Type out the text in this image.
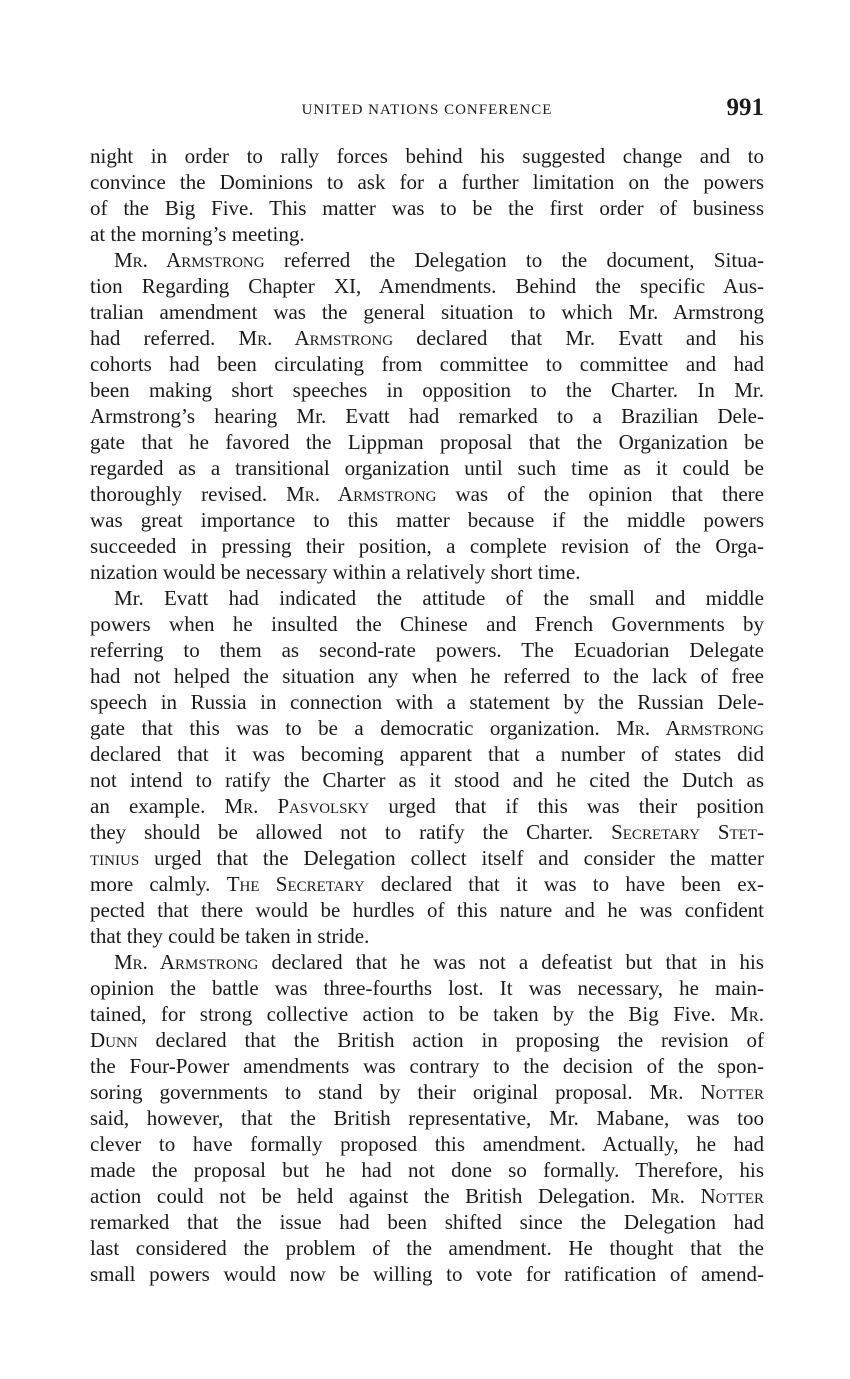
UNITED NATIONS CONFERENCE	991
night in order to rally forces behind his suggested change and to
convince the Dominions to ask for a further limitation on the powers
of the Big Five. This matter was to be the first order of business
at the morning’s meeting.
Mr. Armstrong referred the Delegation to the document, Situa-
tion Regarding Chapter XI, Amendments. Behind the specific Aus-
tralian amendment was the general situation to which Mr. Armstrong
had referred. Mr. Armstrong declared that Mr. Evatt and his
cohorts had been circulating from committee to committee and had
been making short speeches in opposition to the Charter. In Mr.
Armstrong’s hearing Mr. Evatt had remarked to a Brazilian Dele-
gate that he favored the Lippman proposal that the Organization be
regarded as a transitional organization until such time as it could be
thoroughly revised. Mr. Armstrong was of the opinion that there
was great importance to this matter because if the middle powers
succeeded in pressing their position, a complete revision of the Orga-
nization would be necessary within a relatively short time.
Mr. Evatt had indicated the attitude of the small and middle
powers when he insulted the Chinese and French Governments by
referring to them as second-rate powers. The Ecuadorian Delegate
had not helped the situation any when he referred to the lack of free
speech in Russia in connection with a statement by the Russian Dele-
gate that this was to be a democratic organization. Mr. Armstrong
declared that it was becoming apparent that a number of states did
not intend to ratify the Charter as it stood and he cited the Dutch as
an example. Mr. Pasvolsky urged that if this was their position
they should be allowed not to ratify the Charter. Secretary Stet-
tinius urged that the Delegation collect itself and consider the matter
more calmly. The Secretary declared that it was to have been ex-
pected that there would be hurdles of this nature and he was confident
that they could be taken in stride.
Mr. Armstrong declared that he was not a defeatist but that in his
opinion the battle was three-fourths lost. It was necessary, he main-
tained, for strong collective action to be taken by the Big Five. Mr.
Dunn declared that the British action in proposing the revision of
the Four-Power amendments was contrary to the decision of the spon-
soring governments to stand by their original proposal. Mr. Notter
said, however, that the British representative, Mr. Mabane, was too
clever to have formally proposed this amendment. Actually, he had
made the proposal but he had not done so formally. Therefore, his
action could not be held against the British Delegation. Mr. Notter
remarked that the issue had been shifted since the Delegation had
last considered the problem of the amendment. He thought that the
small powers would now be willing to vote for ratification of amend-
